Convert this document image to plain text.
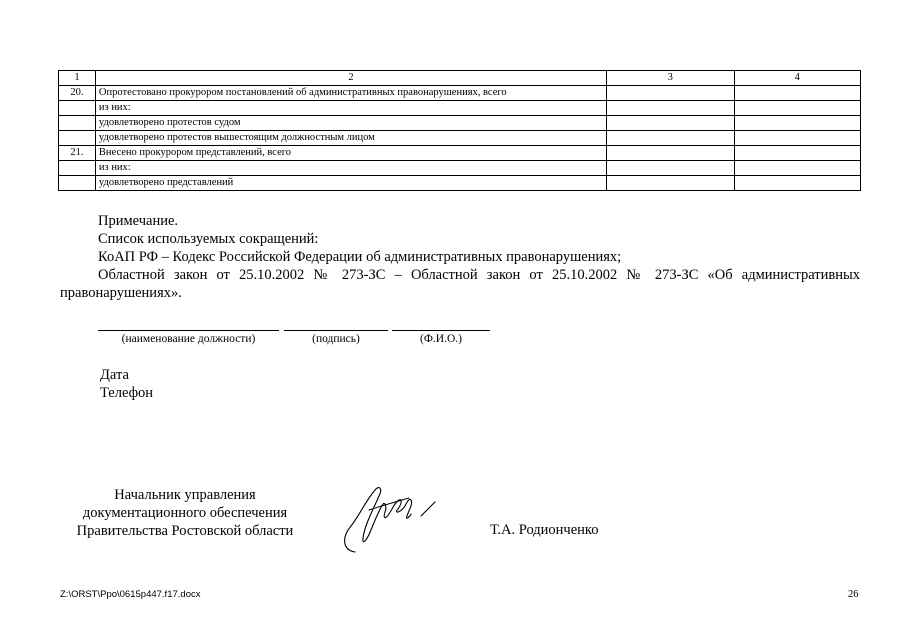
1	2	3	4
20.	Опротестовано прокурором постановлений об административных правонарушениях, всего		
	из них:		
	удовлетворено протестов судом		
	удовлетворено протестов вышестоящим должностным лицом		
21.	Внесено прокурором представлений, всего		
	из них:		
	удовлетворено представлений		

Примечание.

Список используемых сокращений:

КоАП РФ – Кодекс Российской Федерации об административных правонарушениях;

Областной закон от 25.10.2002 № 273-ЗС – Областной закон от 25.10.2002 № 273-ЗС «Об административных правонарушениях».

(наименование должности)	(подпись)	(Ф.И.О.)
Дата
Телефон
Начальник управления
документационного обеспечения
Правительства Ростовской области	Т.А. Родионченко
Z:\ORST\Ppo\0615p447.f17.docx	26
